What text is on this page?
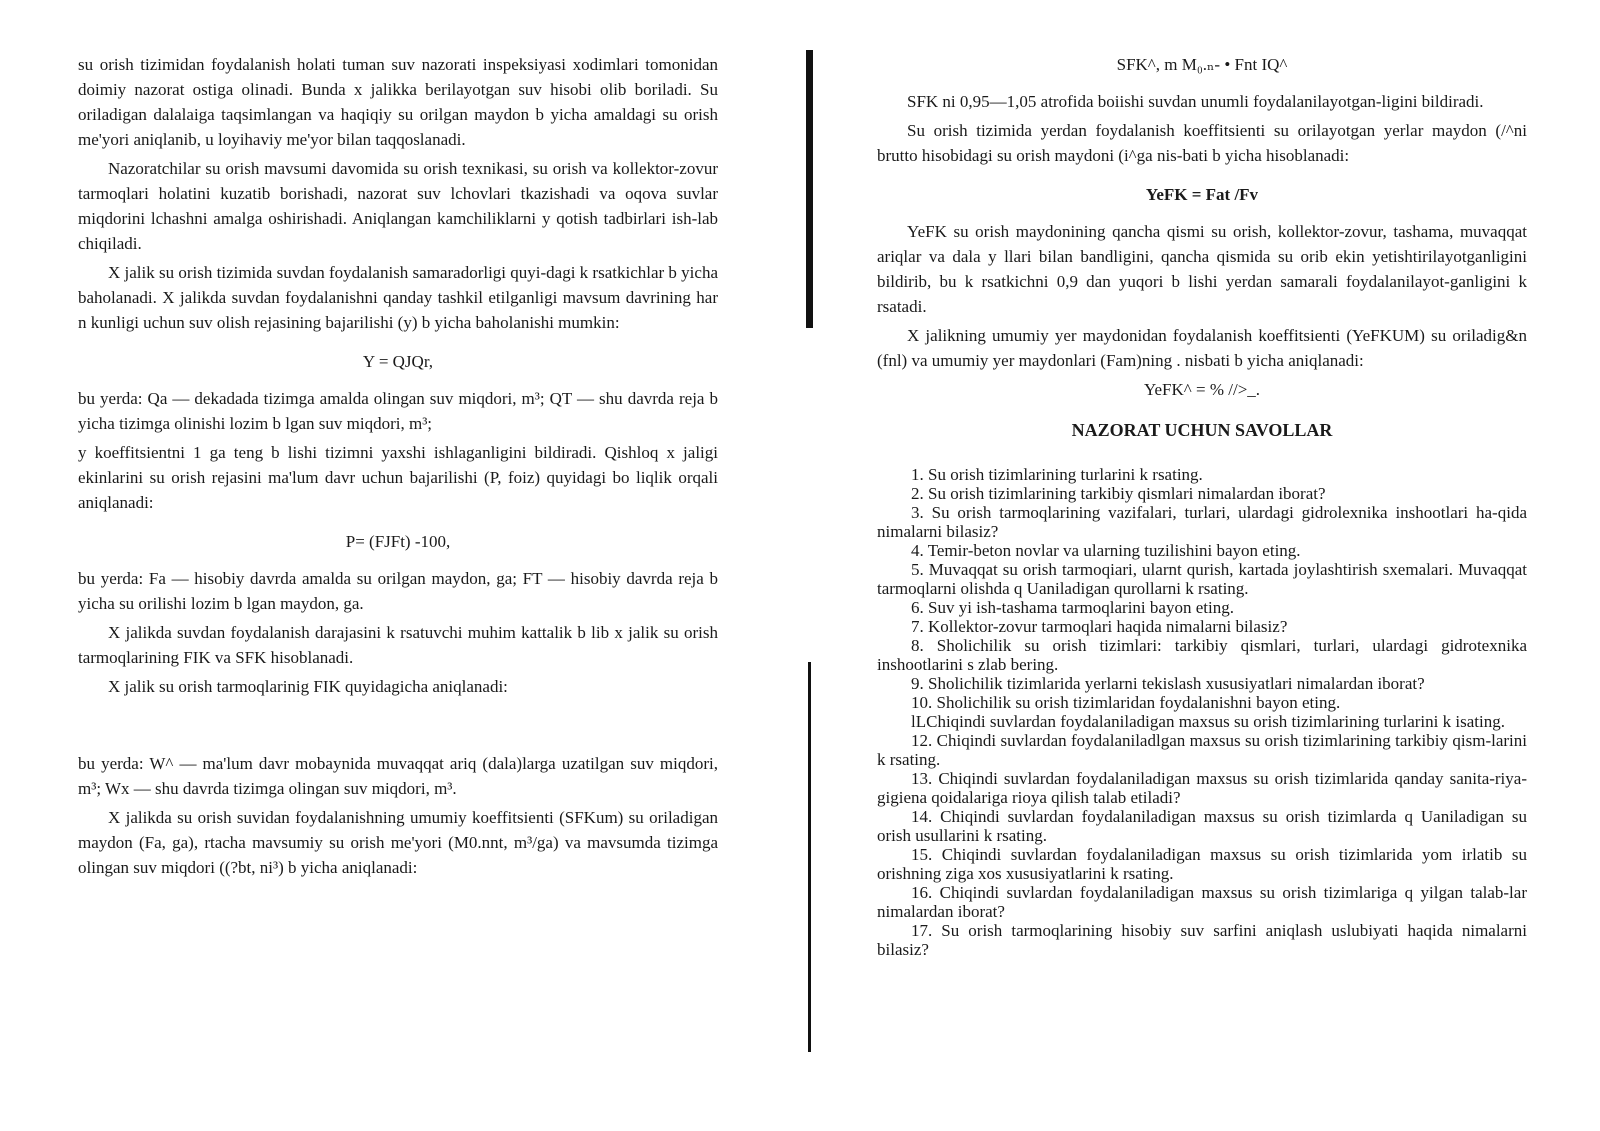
su orish tizimidan foydalanish holati tuman suv nazorati inspeksiyasi xodimlari tomonidan doimiy nazorat ostiga olinadi. Bunda x jalikka berilayotgan suv hisobi olib boriladi. Su oriladigan dalalaiga taqsimlangan va haqiqiy su orilgan maydon b yicha amaldagi su orish me'yori aniqlanib, u loyihaviy me'yor bilan taqqoslanadi.

Nazoratchilar su orish mavsumi davomida su orish texnikasi, su orish va kollektor-zovur tarmoqlari holatini kuzatib borishadi, nazorat suv lchovlari tkazishadi va oqova suvlar miqdorini lchashni amalga oshirishadi. Aniqlangan kamchiliklarni y qotish tadbirlari ish-lab chiqiladi.

X jalik su orish tizimida suvdan foydalanish samaradorligi quyi-dagi k rsatkichlar b yicha baholanadi. X jalikda suvdan foydalanishni qanday tashkil etilganligi mavsum davrining har n kunligi uchun suv olish rejasining bajarilishi (y) b yicha baholanishi mumkin:

Y = QJQr,

bu yerda: Qa — dekadada tizimga amalda olingan suv miqdori, m³; QT — shu davrda reja b yicha tizimga olinishi lozim b lgan suv miqdori, m³;

y koeffitsientni 1 ga teng b lishi tizimni yaxshi ishlaganligini bildiradi. Qishloq x jaligi ekinlarini su orish rejasini ma'lum davr uchun bajarilishi (P, foiz) quyidagi bo liqlik orqali aniqlanadi:

P= (FJFt) -100,

bu yerda: Fa — hisobiy davrda amalda su orilgan maydon, ga; FT — hisobiy davrda reja b yicha su orilishi lozim b lgan maydon, ga.

X jalikda suvdan foydalanish darajasini k rsatuvchi muhim kattalik b lib x jalik su orish tarmoqlarining FIK va SFK hisoblanadi.

X jalik su orish tarmoqlarinig FIK quyidagicha aniqlanadi:

bu yerda: W^ — ma'lum davr mobaynida muvaqqat ariq (dala)larga uzatilgan suv miqdori, m³; Wx — shu davrda tizimga olingan suv miqdori, m³.

X jalikda su orish suvidan foydalanishning umumiy koeffitsienti (SFKum) su oriladigan maydon (Fa, ga), rtacha mavsumiy su orish me'yori (M0.nnt, m³/ga) va mavsumda tizimga olingan suv miqdori ((?bt, ni³) b yicha aniqlanadi:

SFK^, m M₀.ₙ- • Fnt IQ^

SFK ni 0,95—1,05 atrofida boiishi suvdan unumli foydalanilayotgan-ligini bildiradi.

Su orish tizimida yerdan foydalanish koeffitsienti su orilayotgan yerlar maydon (/^ni brutto hisobidagi su orish maydoni (i^ga nis-bati b yicha hisoblanadi:

YeFK = Fat /Fv

YeFK su orish maydonining qancha qismi su orish, kollektor-zovur, tashama, muvaqqat ariqlar va dala y llari bilan bandligini, qancha qismida su orib ekin yetishtirilayotganligini bildirib, bu k rsatkichni 0,9 dan yuqori b lishi yerdan samarali foydalanilayot-ganligini k rsatadi.

X jalikning umumiy yer maydonidan foydalanish koeffitsienti (YeFKUM) su oriladig&n (fnl) va umumiy yer maydonlari (Fam)ning . nisbati b yicha aniqlanadi:

YeFK^ = % //>_.
NAZORAT UCHUN SAVOLLAR
1. Su orish tizimlarining turlarini k rsating.
2. Su orish tizimlarining tarkibiy qismlari nimalardan iborat?
3. Su orish tarmoqlarining vazifalari, turlari, ulardagi gidrolexnika inshootlari ha-qida nimalarni bilasiz?
4. Temir-beton novlar va ularning tuzilishini bayon eting.
5. Muvaqqat su orish tarmoqiari, ularnt qurish, kartada joylashtirish sxemalari. Muvaqqat tarmoqlarni olishda q Uaniladigan qurollarni k rsating.
6. Suv yi ish-tashama tarmoqlarini bayon eting.
7. Kollektor-zovur tarmoqlari haqida nimalarni bilasiz?
8. Sholichilik su orish tizimlari: tarkibiy qismlari, turlari, ulardagi gidrotexnika inshootlarini s zlab bering.
9. Sholichilik tizimlarida yerlarni tekislash xususiyatlari nimalardan iborat?
10. Sholichilik su orish tizimlaridan foydalanishni bayon eting.
lLChiqindi suvlardan foydalaniladigan maxsus su orish tizimlarining turlarini k isating.
12. Chiqindi suvlardan foydalaniladlgan maxsus su orish tizimlarining tarkibiy qism-larini k rsating.
13. Chiqindi suvlardan foydalaniladigan maxsus su orish tizimlarida qanday sanita-riya-gigiena qoidalariga rioya qilish talab etiladi?
14. Chiqindi suvlardan foydalaniladigan maxsus su orish tizimlarda q Uaniladigan su orish usullarini k rsating.
15. Chiqindi suvlardan foydalaniladigan maxsus su orish tizimlarida yom irlatib su orishning ziga xos xususiyatlarini k rsating.
16. Chiqindi suvlardan foydalaniladigan maxsus su orish tizimlariga q yilgan talab-lar nimalardan iborat?
17. Su orish tarmoqlarining hisobiy suv sarfini aniqlash uslubiyati haqida nimalarni bilasiz?
